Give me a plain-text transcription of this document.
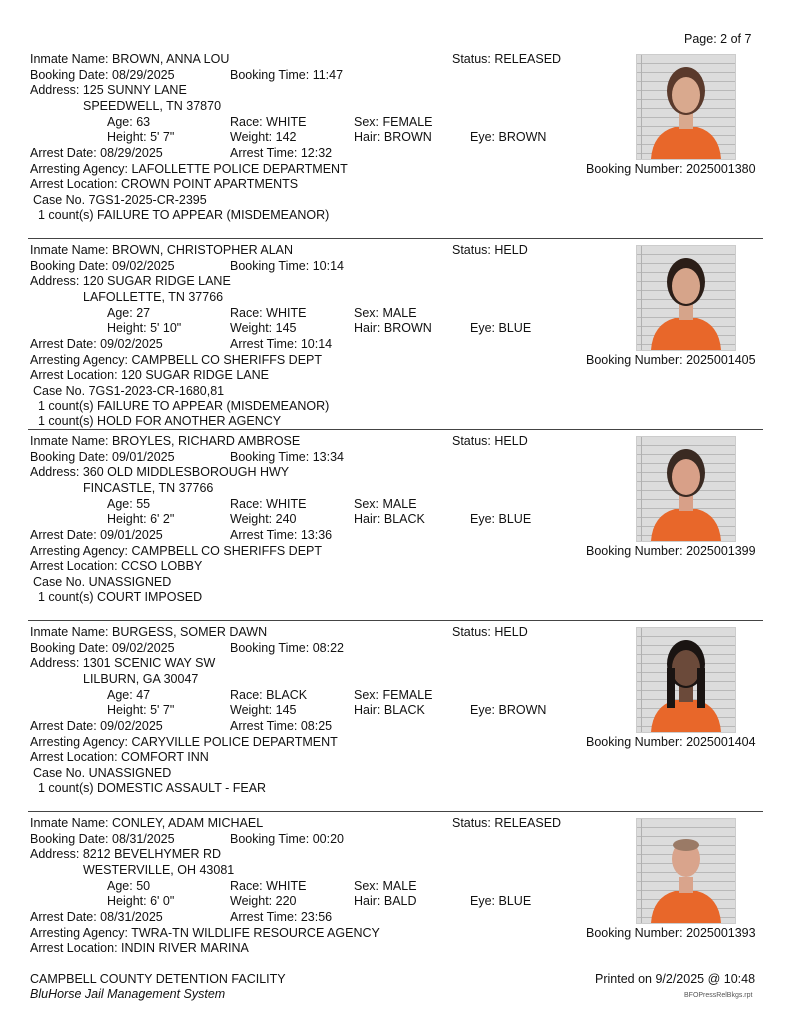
Page: 2 of 7
Inmate Name: BROWN, ANNA LOU	Status: RELEASED
Booking Date: 08/29/2025	Booking Time: 11:47
Address: 125 SUNNY LANE
SPEEDWELL, TN 37870
Age: 63	Race: WHITE	Sex: FEMALE
Height: 5' 7"	Weight: 142	Hair: BROWN	Eye: BROWN
Arrest Date: 08/29/2025	Arrest Time: 12:32
Arresting Agency: LAFOLLETTE POLICE DEPARTMENT	Booking Number: 2025001380
Arrest Location: CROWN POINT APARTMENTS
Case No. 7GS1-2025-CR-2395
1 count(s) FAILURE TO APPEAR (MISDEMEANOR)
Inmate Name: BROWN, CHRISTOPHER ALAN	Status: HELD
Booking Date: 09/02/2025	Booking Time: 10:14
Address: 120 SUGAR RIDGE LANE
LAFOLLETTE, TN 37766
Age: 27	Race: WHITE	Sex: MALE
Height: 5' 10"	Weight: 145	Hair: BROWN	Eye: BLUE
Arrest Date: 09/02/2025	Arrest Time: 10:14
Arresting Agency: CAMPBELL CO SHERIFFS DEPT	Booking Number: 2025001405
Arrest Location: 120 SUGAR RIDGE LANE
Case No. 7GS1-2023-CR-1680,81
1 count(s) FAILURE TO APPEAR (MISDEMEANOR)
1 count(s) HOLD FOR ANOTHER AGENCY
Inmate Name: BROYLES, RICHARD AMBROSE	Status: HELD
Booking Date: 09/01/2025	Booking Time: 13:34
Address: 360 OLD MIDDLESBOROUGH HWY
FINCASTLE, TN 37766
Age: 55	Race: WHITE	Sex: MALE
Height: 6' 2"	Weight: 240	Hair: BLACK	Eye: BLUE
Arrest Date: 09/01/2025	Arrest Time: 13:36
Arresting Agency: CAMPBELL CO SHERIFFS DEPT	Booking Number: 2025001399
Arrest Location: CCSO LOBBY
Case No. UNASSIGNED
1 count(s) COURT IMPOSED
Inmate Name: BURGESS, SOMER DAWN	Status: HELD
Booking Date: 09/02/2025	Booking Time: 08:22
Address: 1301 SCENIC WAY SW
LILBURN, GA 30047
Age: 47	Race: BLACK	Sex: FEMALE
Height: 5' 7"	Weight: 145	Hair: BLACK	Eye: BROWN
Arrest Date: 09/02/2025	Arrest Time: 08:25
Arresting Agency: CARYVILLE POLICE DEPARTMENT	Booking Number: 2025001404
Arrest Location: COMFORT INN
Case No. UNASSIGNED
1 count(s) DOMESTIC ASSAULT - FEAR
Inmate Name: CONLEY, ADAM MICHAEL	Status: RELEASED
Booking Date: 08/31/2025	Booking Time: 00:20
Address: 8212 BEVELHYMER RD
WESTERVILLE, OH 43081
Age: 50	Race: WHITE	Sex: MALE
Height: 6' 0"	Weight: 220	Hair: BALD	Eye: BLUE
Arrest Date: 08/31/2025	Arrest Time: 23:56
Arresting Agency: TWRA-TN WILDLIFE RESOURCE AGENCY	Booking Number: 2025001393
Arrest Location: INDIN RIVER MARINA
CAMPBELL COUNTY DETENTION FACILITY
BluHorse Jail Management System
Printed on 9/2/2025 @ 10:48
BFOPressRelBkgs.rpt
